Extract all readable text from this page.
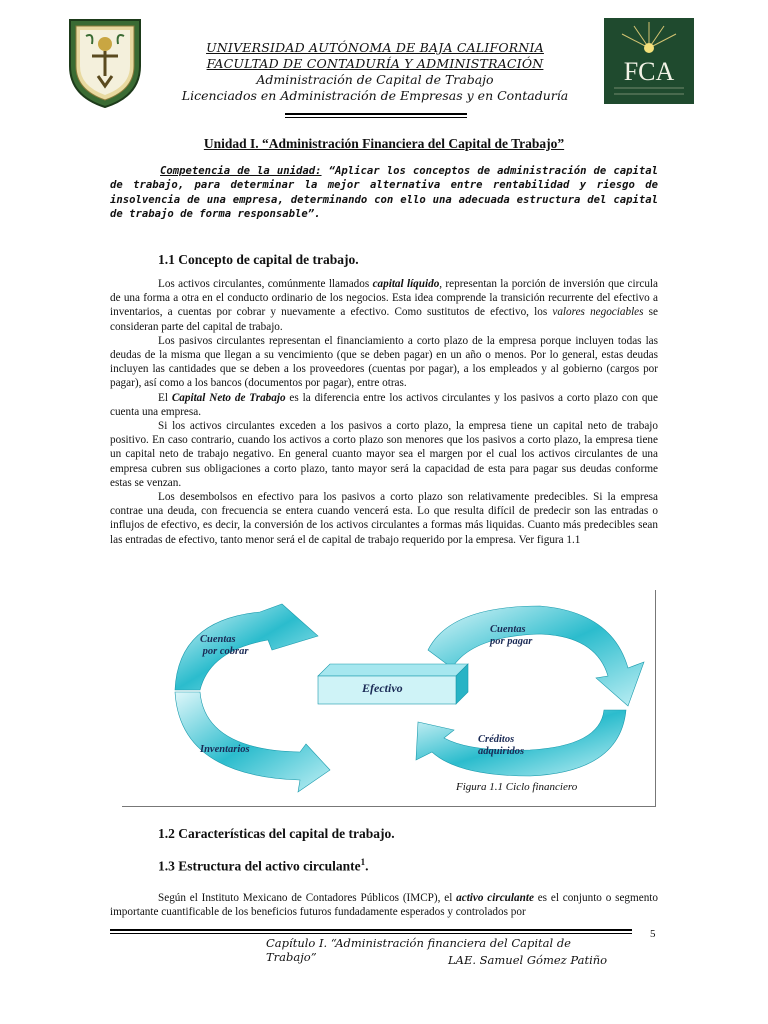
UNIVERSIDAD AUTÓNOMA DE BAJA CALIFORNIA
FACULTAD DE CONTADURÍA Y ADMINISTRACIÓN
Administración de Capital de Trabajo
Licenciados en Administración de Empresas y en Contaduría
FCA
Unidad I. “Administración Financiera del Capital de Trabajo”
Competencia de la unidad: “Aplicar los conceptos de administración de capital de trabajo, para determinar la mejor alternativa entre rentabilidad y riesgo de insolvencia de una empresa, determinando con ello una adecuada estructura del capital de trabajo de forma responsable”.
1.1 Concepto de capital de trabajo.

Los activos circulantes, comúnmente llamados capital líquido, representan la porción de inversión que circula de una forma a otra en el conducto ordinario de los negocios. Esta idea comprende la transición recurrente del efectivo a inventarios, a cuentas por cobrar y nuevamente a efectivo. Como sustitutos de efectivo, los valores negociables se consideran parte del capital de trabajo.

Los pasivos circulantes representan el financiamiento a corto plazo de la empresa porque incluyen todas las deudas de la misma que llegan a su vencimiento (que se deben pagar) en un año o menos. Por lo general, estas deudas incluyen las cantidades que se deben a los proveedores (cuentas por pagar), a los empleados y al gobierno (cargos por pagar), así como a los bancos (documentos por pagar), entre otras.

El Capital Neto de Trabajo es la diferencia entre los activos circulantes y los pasivos a corto plazo con que cuenta una empresa.

Si los activos circulantes exceden a los pasivos a corto plazo, la empresa tiene un capital neto de trabajo positivo. En caso contrario, cuando los activos a corto plazo son menores que los pasivos a corto plazo, la empresa tiene un capital neto de trabajo negativo. En general cuanto mayor sea el margen por el cual los activos circulantes de una empresa cubren sus obligaciones a corto plazo, tanto mayor será la capacidad de esta para pagar sus deudas conforme estas se venzan.

Los desembolsos en efectivo para los pasivos a corto plazo son relativamente predecibles. Si la empresa contrae una deuda, con frecuencia se entera cuando vencerá esta. Lo que resulta difícil de predecir son las entradas o influjos de efectivo, es decir, la conversión de los activos circulantes a formas más liquidas. Cuanto más predecibles sean las entradas de efectivo, tanto menor será el de capital de trabajo requerido por la empresa. Ver figura 1.1

Cuentas
por cobrar
Cuentas
por pagar
Efectivo
Inventarios
Créditos
adquiridos
Figura 1.1 Ciclo financiero
1.2 Características del capital de trabajo.
1.3 Estructura del activo circulante$^1$.

Según el Instituto Mexicano de Contadores Públicos (IMCP), el activo circulante es el conjunto o segmento importante cuantificable de los beneficios futuros fundadamente esperados y controlados por

5
Capítulo I. “Administración financiera del Capital de Trabajo”	LAE. Samuel Gómez Patiño
